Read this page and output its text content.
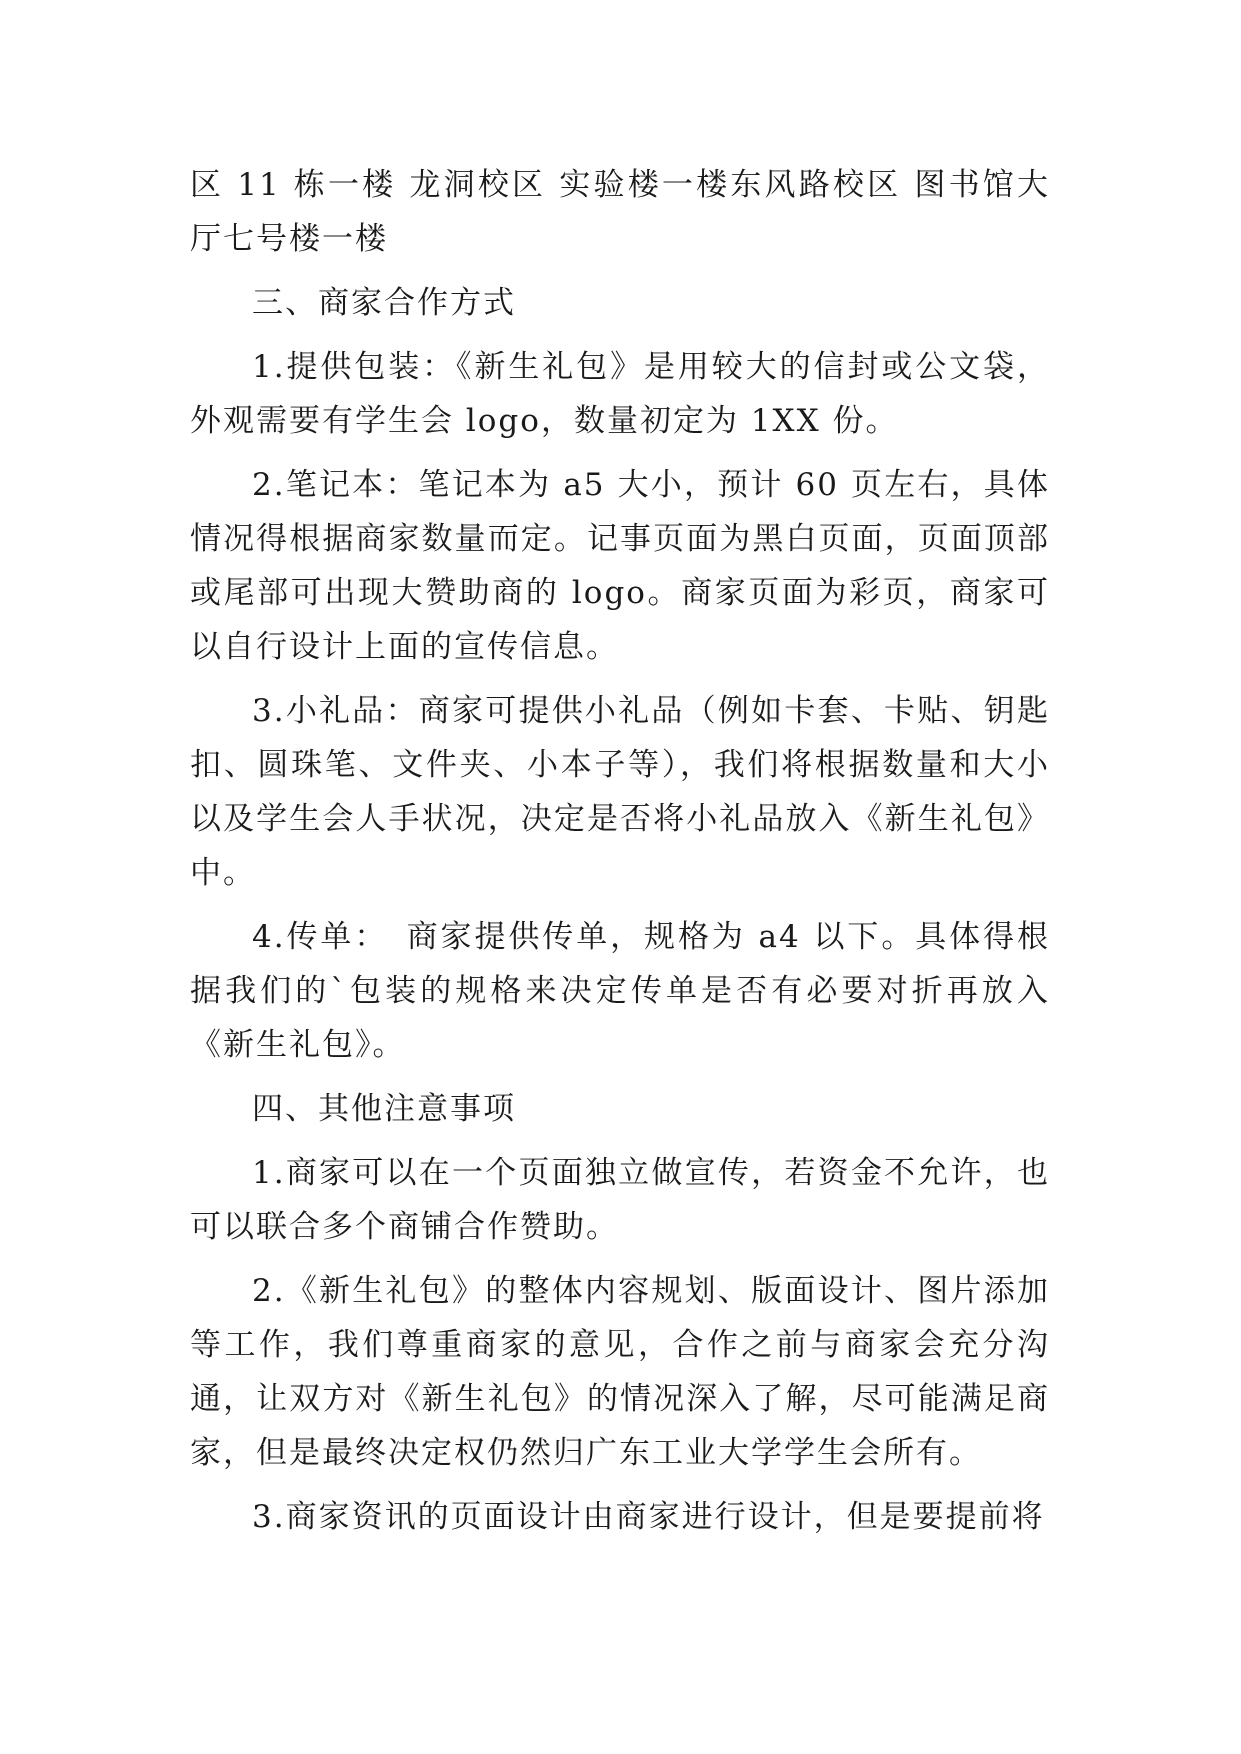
区 11 栋一楼 龙洞校区 实验楼一楼东风路校区 图书馆大厅七号楼一楼

三、商家合作方式

1.提供包装：《新生礼包》是用较大的信封或公文袋，外观需要有学生会 logo，数量初定为 1XX 份。

2.笔记本：笔记本为 a5 大小，预计 60 页左右，具体情况得根据商家数量而定。记事页面为黑白页面，页面顶部或尾部可出现大赞助商的 logo。商家页面为彩页，商家可以自行设计上面的宣传信息。

3.小礼品：商家可提供小礼品（例如卡套、卡贴、钥匙扣、圆珠笔、文件夹、小本子等），我们将根据数量和大小以及学生会人手状况，决定是否将小礼品放入《新生礼包》中。

4.传单：　商家提供传单，规格为 a4 以下。具体得根据我们的`包装的规格来决定传单是否有必要对折再放入《新生礼包》。

四、其他注意事项

1.商家可以在一个页面独立做宣传，若资金不允许，也可以联合多个商铺合作赞助。

2.《新生礼包》的整体内容规划、版面设计、图片添加等工作，我们尊重商家的意见，合作之前与商家会充分沟通，让双方对《新生礼包》的情况深入了解，尽可能满足商家，但是最终决定权仍然归广东工业大学学生会所有。

3.商家资讯的页面设计由商家进行设计，但是要提前将
